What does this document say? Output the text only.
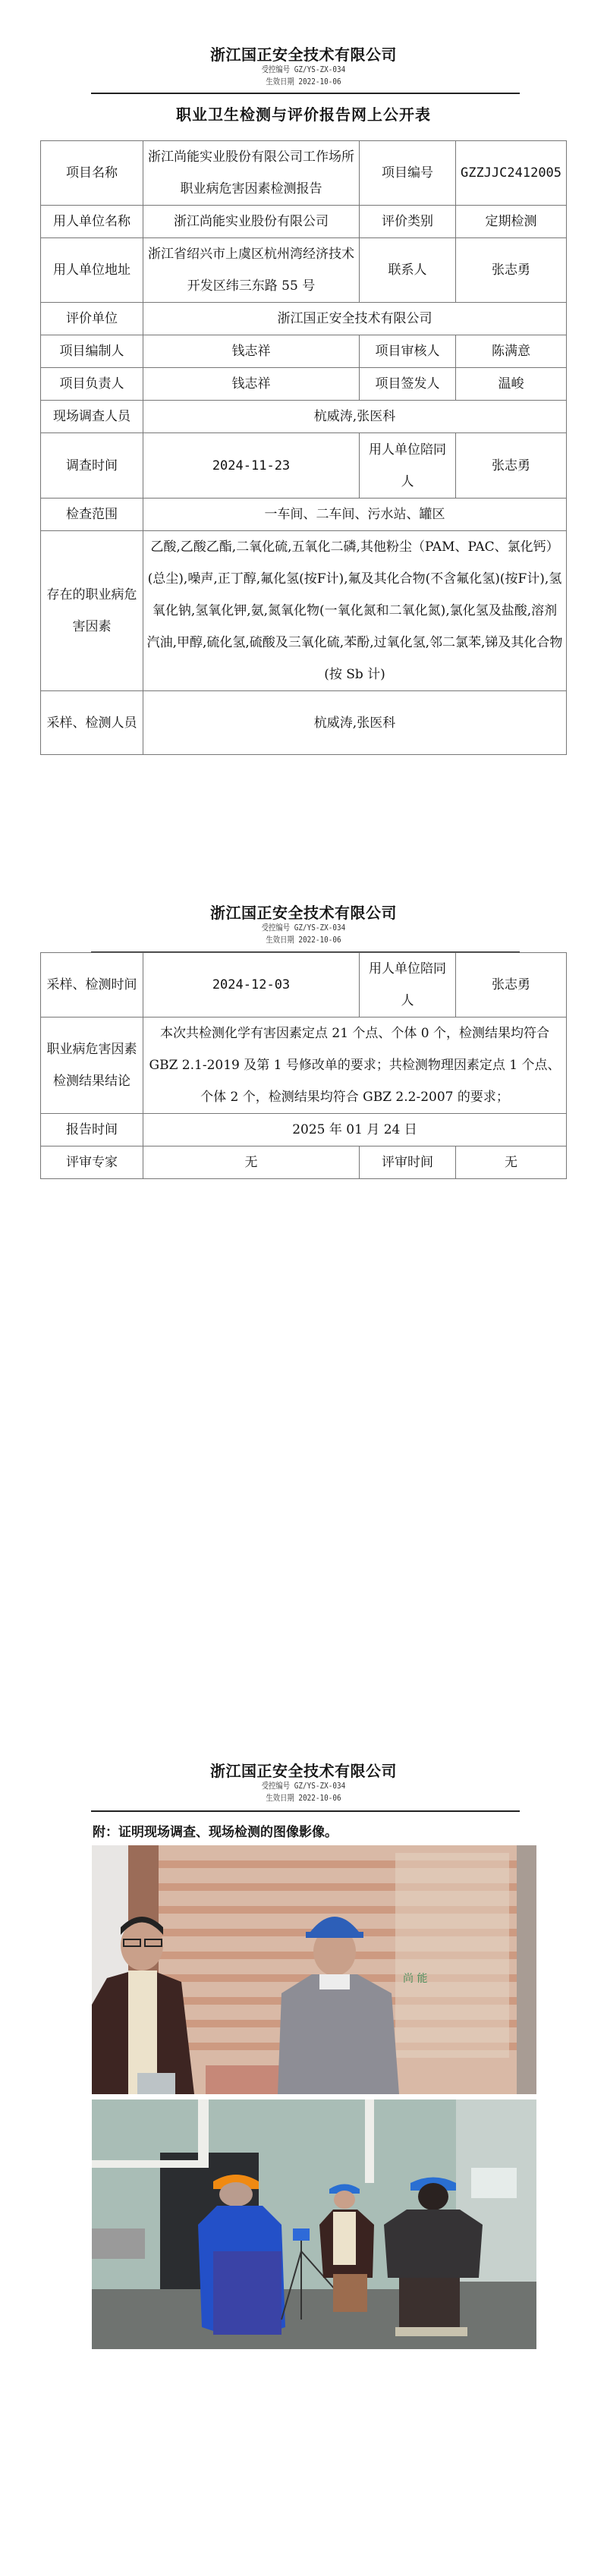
浙江国正安全技术有限公司
受控编号 GZ/YS-ZX-034
生效日期 2022-10-06
职业卫生检测与评价报告网上公开表
项目名称	浙江尚能实业股份有限公司工作场所职业病危害因素检测报告	项目编号	GZZJJC2412005
用人单位名称	浙江尚能实业股份有限公司	评价类别	定期检测
用人单位地址	浙江省绍兴市上虞区杭州湾经济技术开发区纬三东路 55 号	联系人	张志勇
评价单位	浙江国正安全技术有限公司		
项目编制人	钱志祥	项目审核人	陈满意
项目负责人	钱志祥	项目签发人	温峻
现场调查人员	杭威涛,张医科		
调查时间	2024-11-23	用人单位陪同人	张志勇
检查范围	一车间、二车间、污水站、罐区		
存在的职业病危害因素	乙酸,乙酸乙酯,二氧化硫,五氧化二磷,其他粉尘（PAM、PAC、氯化钙）(总尘),噪声,正丁醇,氟化氢(按F计),氟及其化合物(不含氟化氢)(按F计),氢氧化钠,氢氧化钾,氨,氮氧化物(一氧化氮和二氧化氮),氯化氢及盐酸,溶剂汽油,甲醇,硫化氢,硫酸及三氧化硫,苯酚,过氧化氢,邻二氯苯,锑及其化合物(按 Sb 计)		
采样、检测人员	杭威涛,张医科		
浙江国正安全技术有限公司
受控编号 GZ/YS-ZX-034
生效日期 2022-10-06
采样、检测时间	2024-12-03	用人单位陪同人	张志勇
职业病危害因素检测结果结论	本次共检测化学有害因素定点 21 个点、个体 0 个，检测结果均符合 GBZ 2.1-2019 及第 1 号修改单的要求；共检测物理因素定点 1 个点、个体 2 个，检测结果均符合 GBZ 2.2-2007 的要求；		
报告时间	2025 年 01 月 24 日		
评审专家	无	评审时间	无
浙江国正安全技术有限公司
受控编号 GZ/YS-ZX-034
生效日期 2022-10-06
附：证明现场调查、现场检测的图像影像。
尚 能
